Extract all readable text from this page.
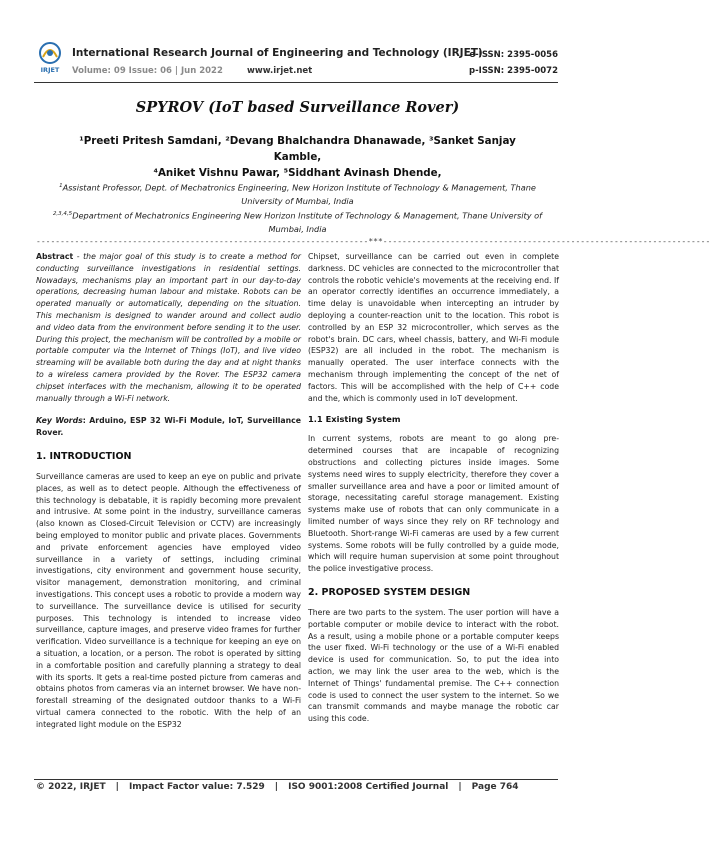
IRJET
International Research Journal of Engineering and Technology (IRJET)
Volume: 09 Issue: 06 | Jun 2022	www.irjet.net
e-ISSN: 2395-0056
p-ISSN: 2395-0072
SPYROV (IoT based Surveillance Rover)
¹Preeti Pritesh Samdani, ²Devang Bhalchandra Dhanawade, ³Sanket Sanjay Kamble,
⁴Aniket Vishnu Pawar, ⁵Siddhant Avinash Dhende,
$^1$Assistant Professor, Dept. of Mechatronics Engineering, New Horizon Institute of Technology & Management, Thane University of Mumbai, India
$^{2,3,4,5}$Department of Mechatronics Engineering New Horizon Institute of Technology & Management, Thane University of Mumbai, India
---------------------------------------------------------------------***--------------------------------------------------------------------

Abstract - the major goal of this study is to create a method for conducting surveillance investigations in residential settings. Nowadays, mechanisms play an important part in our day-to-day operations, decreasing human labour and mistake. Robots can be operated manually or automatically, depending on the situation. This mechanism is designed to wander around and collect audio and video data from the environment before sending it to the user. During this project, the mechanism will be controlled by a mobile or portable computer via the Internet of Things (IoT), and live video streaming will be available both during the day and at night thanks to a wireless camera provided by the Rover. The ESP32 camera chipset interfaces with the mechanism, allowing it to be operated manually through a Wi-Fi network.

Key Words: Arduino, ESP 32 Wi-Fi Module, IoT, Surveillance Rover.

1. INTRODUCTION

Surveillance cameras are used to keep an eye on public and private places, as well as to detect people. Although the effectiveness of this technology is debatable, it is rapidly becoming more prevalent and intrusive. At some point in the industry, surveillance cameras (also known as Closed-Circuit Television or CCTV) are increasingly being employed to monitor public and private places. Governments and private enforcement agencies have employed video surveillance in a variety of settings, including criminal investigations, city environment and government house security, visitor management, demonstration monitoring, and criminal investigations. This concept uses a robotic to provide a modern way to surveillance. The surveillance device is utilised for security purposes. This technology is intended to increase video surveillance, capture images, and preserve video frames for further verification. Video surveillance is a technique for keeping an eye on a situation, a location, or a person. The robot is operated by sitting in a comfortable position and carefully planning a strategy to deal with its sports. It gets a real-time posted picture from cameras and obtains photos from cameras via an internet browser. We have non-forestall streaming of the designated outdoor thanks to a Wi-Fi virtual camera connected to the robotic. With the help of an integrated light module on the ESP32

Chipset, surveillance can be carried out even in complete darkness. DC vehicles are connected to the microcontroller that controls the robotic vehicle's movements at the receiving end. If an operator correctly identifies an occurrence immediately, a time delay is unavoidable when intercepting an intruder by deploying a counter-reaction unit to the location. This robot is controlled by an ESP 32 microcontroller, which serves as the robot's brain. DC cars, wheel chassis, battery, and Wi-Fi module (ESP32) are all included in the robot. The mechanism is manually operated. The user interface connects with the mechanism through implementing the concept of the net of factors. This will be accomplished with the help of C++ code and the, which is commonly used in IoT development.

1.1 Existing System

In current systems, robots are meant to go along pre-determined courses that are incapable of recognizing obstructions and collecting pictures inside images. Some systems need wires to supply electricity, therefore they cover a smaller surveillance area and have a poor or limited amount of storage, necessitating careful storage management. Existing systems make use of robots that can only communicate in a limited number of ways since they rely on RF technology and Bluetooth. Short-range Wi-Fi cameras are used by a few current systems. Some robots will be fully controlled by a guide mode, which will require human supervision at some point throughout the police investigative process.

2. PROPOSED SYSTEM DESIGN

There are two parts to the system. The user portion will have a portable computer or mobile device to interact with the robot. As a result, using a mobile phone or a portable computer keeps the user fixed. Wi-Fi technology or the use of a Wi-Fi enabled device is used for communication. So, to put the idea into action, we may link the user area to the web, which is the Internet of Things' fundamental premise. The C++ connection code is used to connect the user system to the internet. So we can transmit commands and maybe manage the robotic car using this code.

© 2022, IRJET | Impact Factor value: 7.529 | ISO 9001:2008 Certified Journal | Page 764
